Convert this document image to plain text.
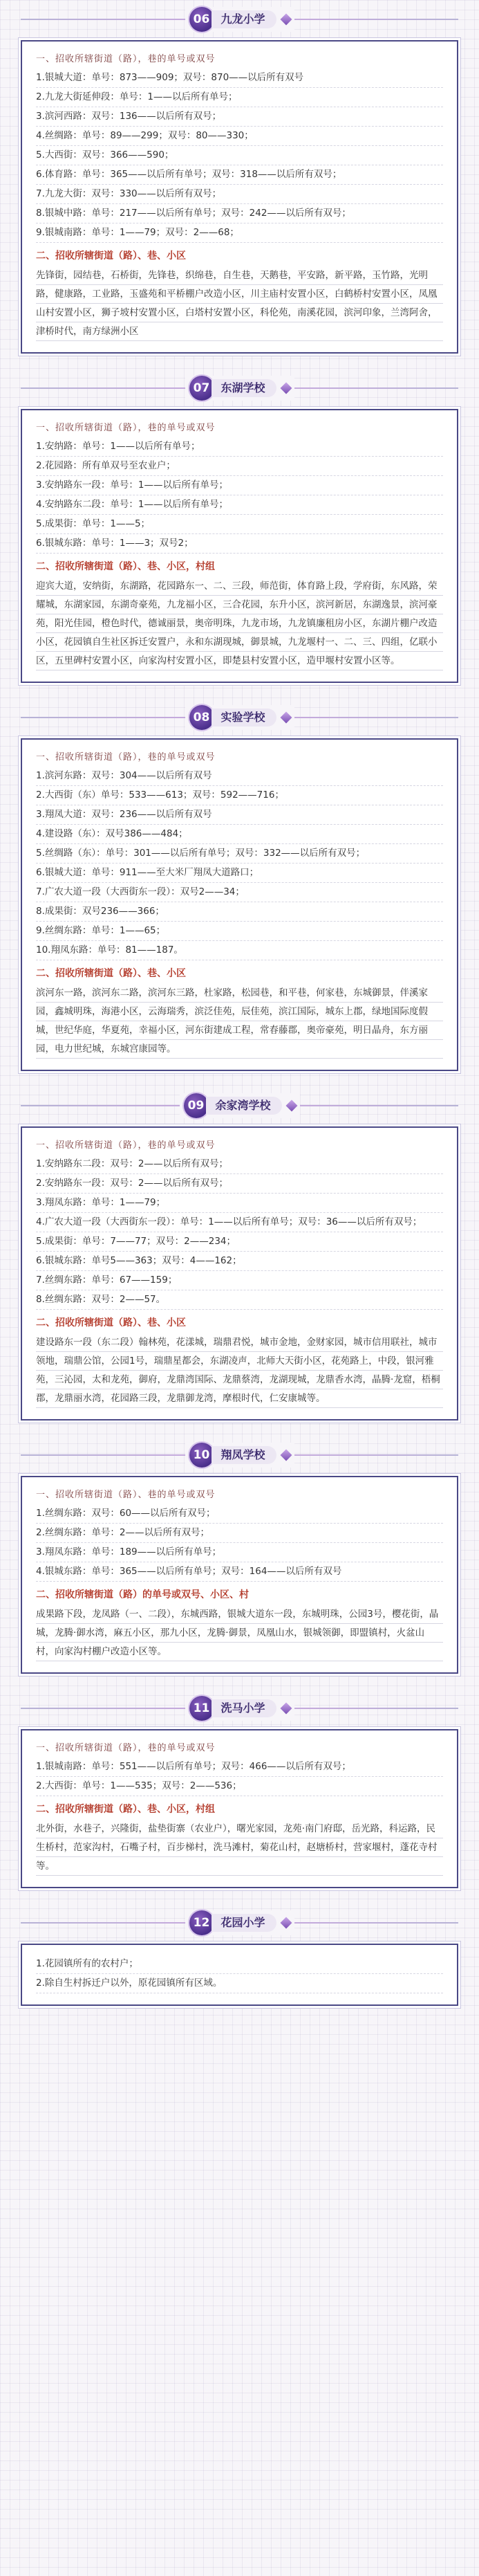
06	九龙小学
一、招收所辖街道（路），巷的单号或双号

1.银城大道：单号：873——909；双号：870——以后所有双号

2.九龙大街延伸段：单号：1——以后所有单号；

3.滨河西路：双号：136——以后所有双号；

4.丝绸路：单号：89——299；双号：80——330；

5.大西街：双号：366——590；

6.体育路：单号：365——以后所有单号；双号：318——以后所有双号；

7.九龙大街：双号：330——以后所有双号；

8.银城中路：单号：217——以后所有单号；双号：242——以后所有双号；

9.银城南路：单号：1——79；双号：2——68；

二、招收所辖街道（路）、巷、小区

先锋街，园结巷，石桥街，先锋巷，织绵巷，自生巷，天鹅巷，平安路，新平路，玉竹路，光明路，健康路，工业路，玉盛苑和平桥棚户改造小区，川主庙村安置小区，白鹤桥村安置小区，凤凰山村安置小区，狮子坡村安置小区，白塔村安置小区，科伦苑，南溪花园，滨河印象，兰湾阿舍，津桥时代，南方绿洲小区

07	东湖学校
一、招收所辖街道（路），巷的单号或双号

1.安纳路：单号：1——以后所有单号；

2.花园路：所有单双号至农业户；

3.安纳路东一段：单号：1——以后所有单号；

4.安纳路东二段：单号：1——以后所有单号；

5.成果街：单号：1——5；

6.银城东路：单号：1——3；双号2；

二、招收所辖街道（路）、巷、小区，村组

迎宾大道，安纳街，东湖路，花园路东一、二、三段，师范街，体育路上段，学府街，东风路，荣耀城，东湖家园，东湖奇豪苑，九龙福小区，三合花园，东升小区，滨河新居，东湖逸景，滨河豪苑，阳光佳园，橙色时代，德诚丽景，奥帝明珠，九龙市场，九龙镇廉租房小区，东湖片棚户改造小区，花园镇自生社区拆迁安置户，永和东湖现城，御景城，九龙堰村一、二、三、四组，亿联小区，五里碑村安置小区，向家沟村安置小区，即楚县村安置小区，造甲堰村安置小区等。

08	实验学校
一、招收所辖街道（路），巷的单号或双号

1.滨河东路：双号：304——以后所有双号

2.大西街（东）单号：533——613；双号：592——716；

3.翔凤大道：双号：236——以后所有双号

4.建设路（东）：双号386——484；

5.丝绸路（东）：单号：301——以后所有单号；双号：332——以后所有双号；

6.银城大道：单号：911——至大米厂翔凤大道路口；

7.广农大道一段（大西街东一段）：双号2——34；

8.成果街：双号236——366；

9.丝绸东路：单号：1——65；

10.翔凤东路：单号：81——187。

二、招收所辖街道（路）、巷、小区

滨河东一路，滨河东二路，滨河东三路，杜家路，松园巷，和平巷，何家巷，东城御景，伴溪家园，鑫城明珠，海港小区，云海瑞秀，滨泛佳苑，辰佳苑，滨江国际，城东上郡，绿地国际度假城，世纪华庭，华夏苑，幸福小区，河东街建成工程，常春藤郡，奥帝豪苑，明日晶舟，东方丽园，电力世纪城，东城宫康园等。

09	余家湾学校
一、招收所辖街道（路），巷的单号或双号

1.安纳路东二段：双号：2——以后所有双号；

2.安纳路东一段：双号：2——以后所有双号；

3.翔凤东路：单号：1——79；

4.广农大道一段（大西街东一段）：单号：1——以后所有单号；双号：36——以后所有双号；

5.成果街：单号：7——77；双号：2——234；

6.银城东路：单号5——363；双号：4——162；

7.丝绸东路：单号：67——159；

8.丝绸东路：双号：2——57。

二、招收所辖街道（路）、巷、小区

建设路东一段（东二段）翰林苑，花漾城，瑞鼎君悦，城市金地，金财家园，城市信用联社，城市领地，瑞鼎公馆，公园1号，瑞鼎星都会，东湖凌声，北师大天街小区，花苑路上，中段，银河雅苑，三沁园，太和龙苑，御府，龙鼎湾国际、龙鼎蔡湾，龙湖现城，龙鼎香水湾，晶腾·龙窟，梧桐郡，龙鼎丽水湾，花园路三段，龙鼎御龙湾，摩根时代，仁安康城等。

10	翔凤学校
一、招收所辖街道（路）、巷的单号或双号

1.丝绸东路：双号：60——以后所有双号；

2.丝绸东路：单号：2——以后所有双号；

3.翔凤东路：单号：189——以后所有单号；

4.银城东路：单号：365——以后所有单号；双号：164——以后所有双号

二、招收所辖街道（路）的单号或双号、小区、村

成果路下段，龙凤路（一、二段），东城西路，银城大道东一段，东城明珠，公园3号，樱花街，晶城，龙腾·御水湾，麻五小区，那九小区，龙腾·御景，凤凰山水，银城领御，即盟镇村，火盆山村，向家沟村棚户改造小区等。

11	洗马小学
一、招收所辖街道（路），巷的单号或双号

1.银城南路：单号：551——以后所有单号；双号：466——以后所有双号；

2.大西街：单号：1——535；双号：2——536；

二、招收所辖街道（路）、巷、小区，村组

北外街，水巷子，兴隆街，盐垫街寨（农业户），曙光家园，龙苑·南门府邸，岳光路，科运路，民生桥村，范家沟村，石嘴子村，百步梯村，洗马滩村，菊花山村，赵塘桥村，营家堰村，蓬花寺村等。

12	花园小学

1.花园镇所有的农村户；

2.除自生村拆迁户以外，原花园镇所有区域。
